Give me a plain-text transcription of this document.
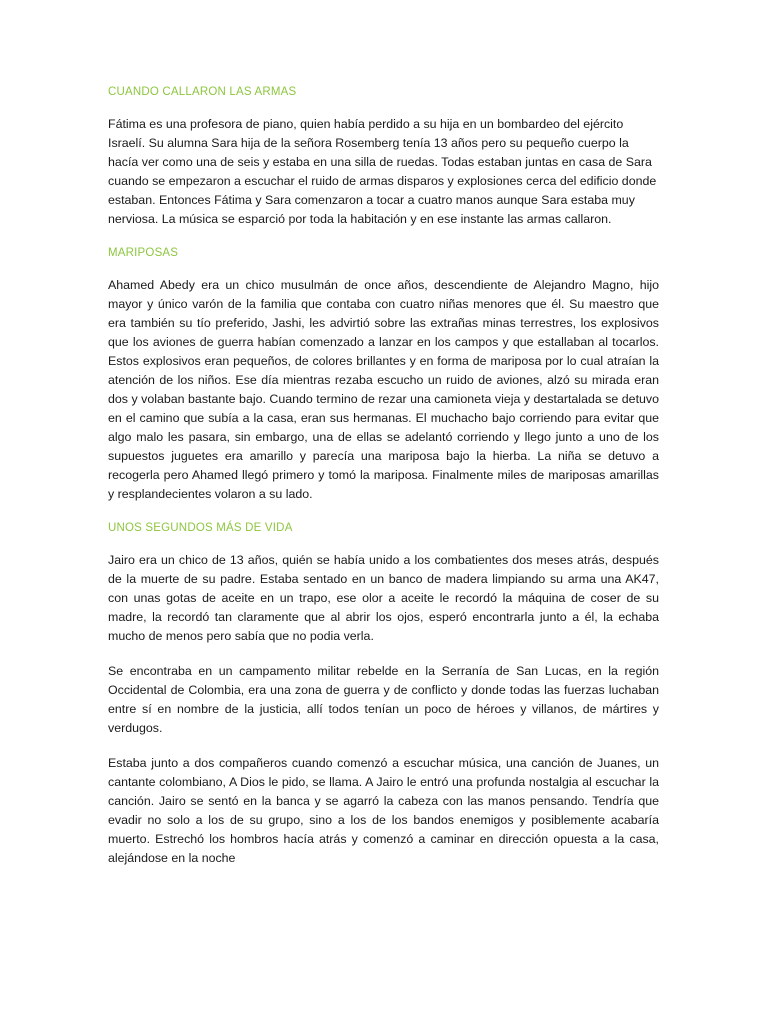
CUANDO CALLARON LAS ARMAS

Fátima es una profesora de piano, quien había perdido a su hija en un bombardeo del ejército Israelí. Su alumna Sara hija de la señora Rosemberg tenía 13 años pero su pequeño cuerpo la hacía ver como una de seis y estaba en una silla de ruedas. Todas estaban juntas en casa de Sara cuando se empezaron a escuchar el ruido de armas disparos y explosiones cerca del edificio donde estaban. Entonces Fátima y Sara comenzaron a tocar a cuatro manos aunque Sara estaba muy nerviosa. La música se esparció por toda la habitación y en ese instante las armas callaron.

MARIPOSAS

Ahamed Abedy era un chico musulmán de once años, descendiente de Alejandro Magno, hijo mayor y único varón de la familia que contaba con cuatro niñas menores que él. Su maestro que era también su tío preferido, Jashi, les advirtió sobre las extrañas minas terrestres, los explosivos que los aviones de guerra habían comenzado a lanzar en los campos y que estallaban al tocarlos. Estos explosivos eran pequeños, de colores brillantes y en forma de mariposa por lo cual atraían la atención de los niños. Ese día mientras rezaba escucho un ruido de aviones, alzó su mirada eran dos y volaban bastante bajo. Cuando termino de rezar una camioneta vieja y destartalada se detuvo en el camino que subía a la casa, eran sus hermanas. El muchacho bajo corriendo para evitar que algo malo les pasara, sin embargo, una de ellas se adelantó corriendo y llego junto a uno de los supuestos juguetes era amarillo y parecía una mariposa bajo la hierba. La niña se detuvo a recogerla pero Ahamed llegó primero y tomó la mariposa. Finalmente miles de mariposas amarillas y resplandecientes volaron a su lado.

UNOS SEGUNDOS MÁS DE VIDA

Jairo era un chico de 13 años, quién se había unido a los combatientes dos meses atrás, después de la muerte de su padre. Estaba sentado en un banco de madera limpiando su arma una AK47, con unas gotas de aceite en un trapo, ese olor a aceite le recordó la máquina de coser de su madre, la recordó tan claramente que al abrir los ojos, esperó encontrarla junto a él, la echaba mucho de menos pero sabía que no podia verla.

Se encontraba en un campamento militar rebelde en la Serranía de San Lucas, en la región Occidental de Colombia, era una zona de guerra y de conflicto y donde todas las fuerzas luchaban entre sí en nombre de la justicia, allí todos tenían un poco de héroes y villanos, de mártires y verdugos.

Estaba junto a dos compañeros cuando comenzó a escuchar música, una canción de Juanes, un cantante colombiano, A Dios le pido, se llama. A Jairo le entró una profunda nostalgia al escuchar la canción. Jairo se sentó en la banca y se agarró la cabeza con las manos pensando. Tendría que evadir no solo a los de su grupo, sino a los de los bandos enemigos y posiblemente acabaría muerto. Estrechó los hombros hacía atrás y comenzó a caminar en dirección opuesta a la casa, alejándose en la noche
